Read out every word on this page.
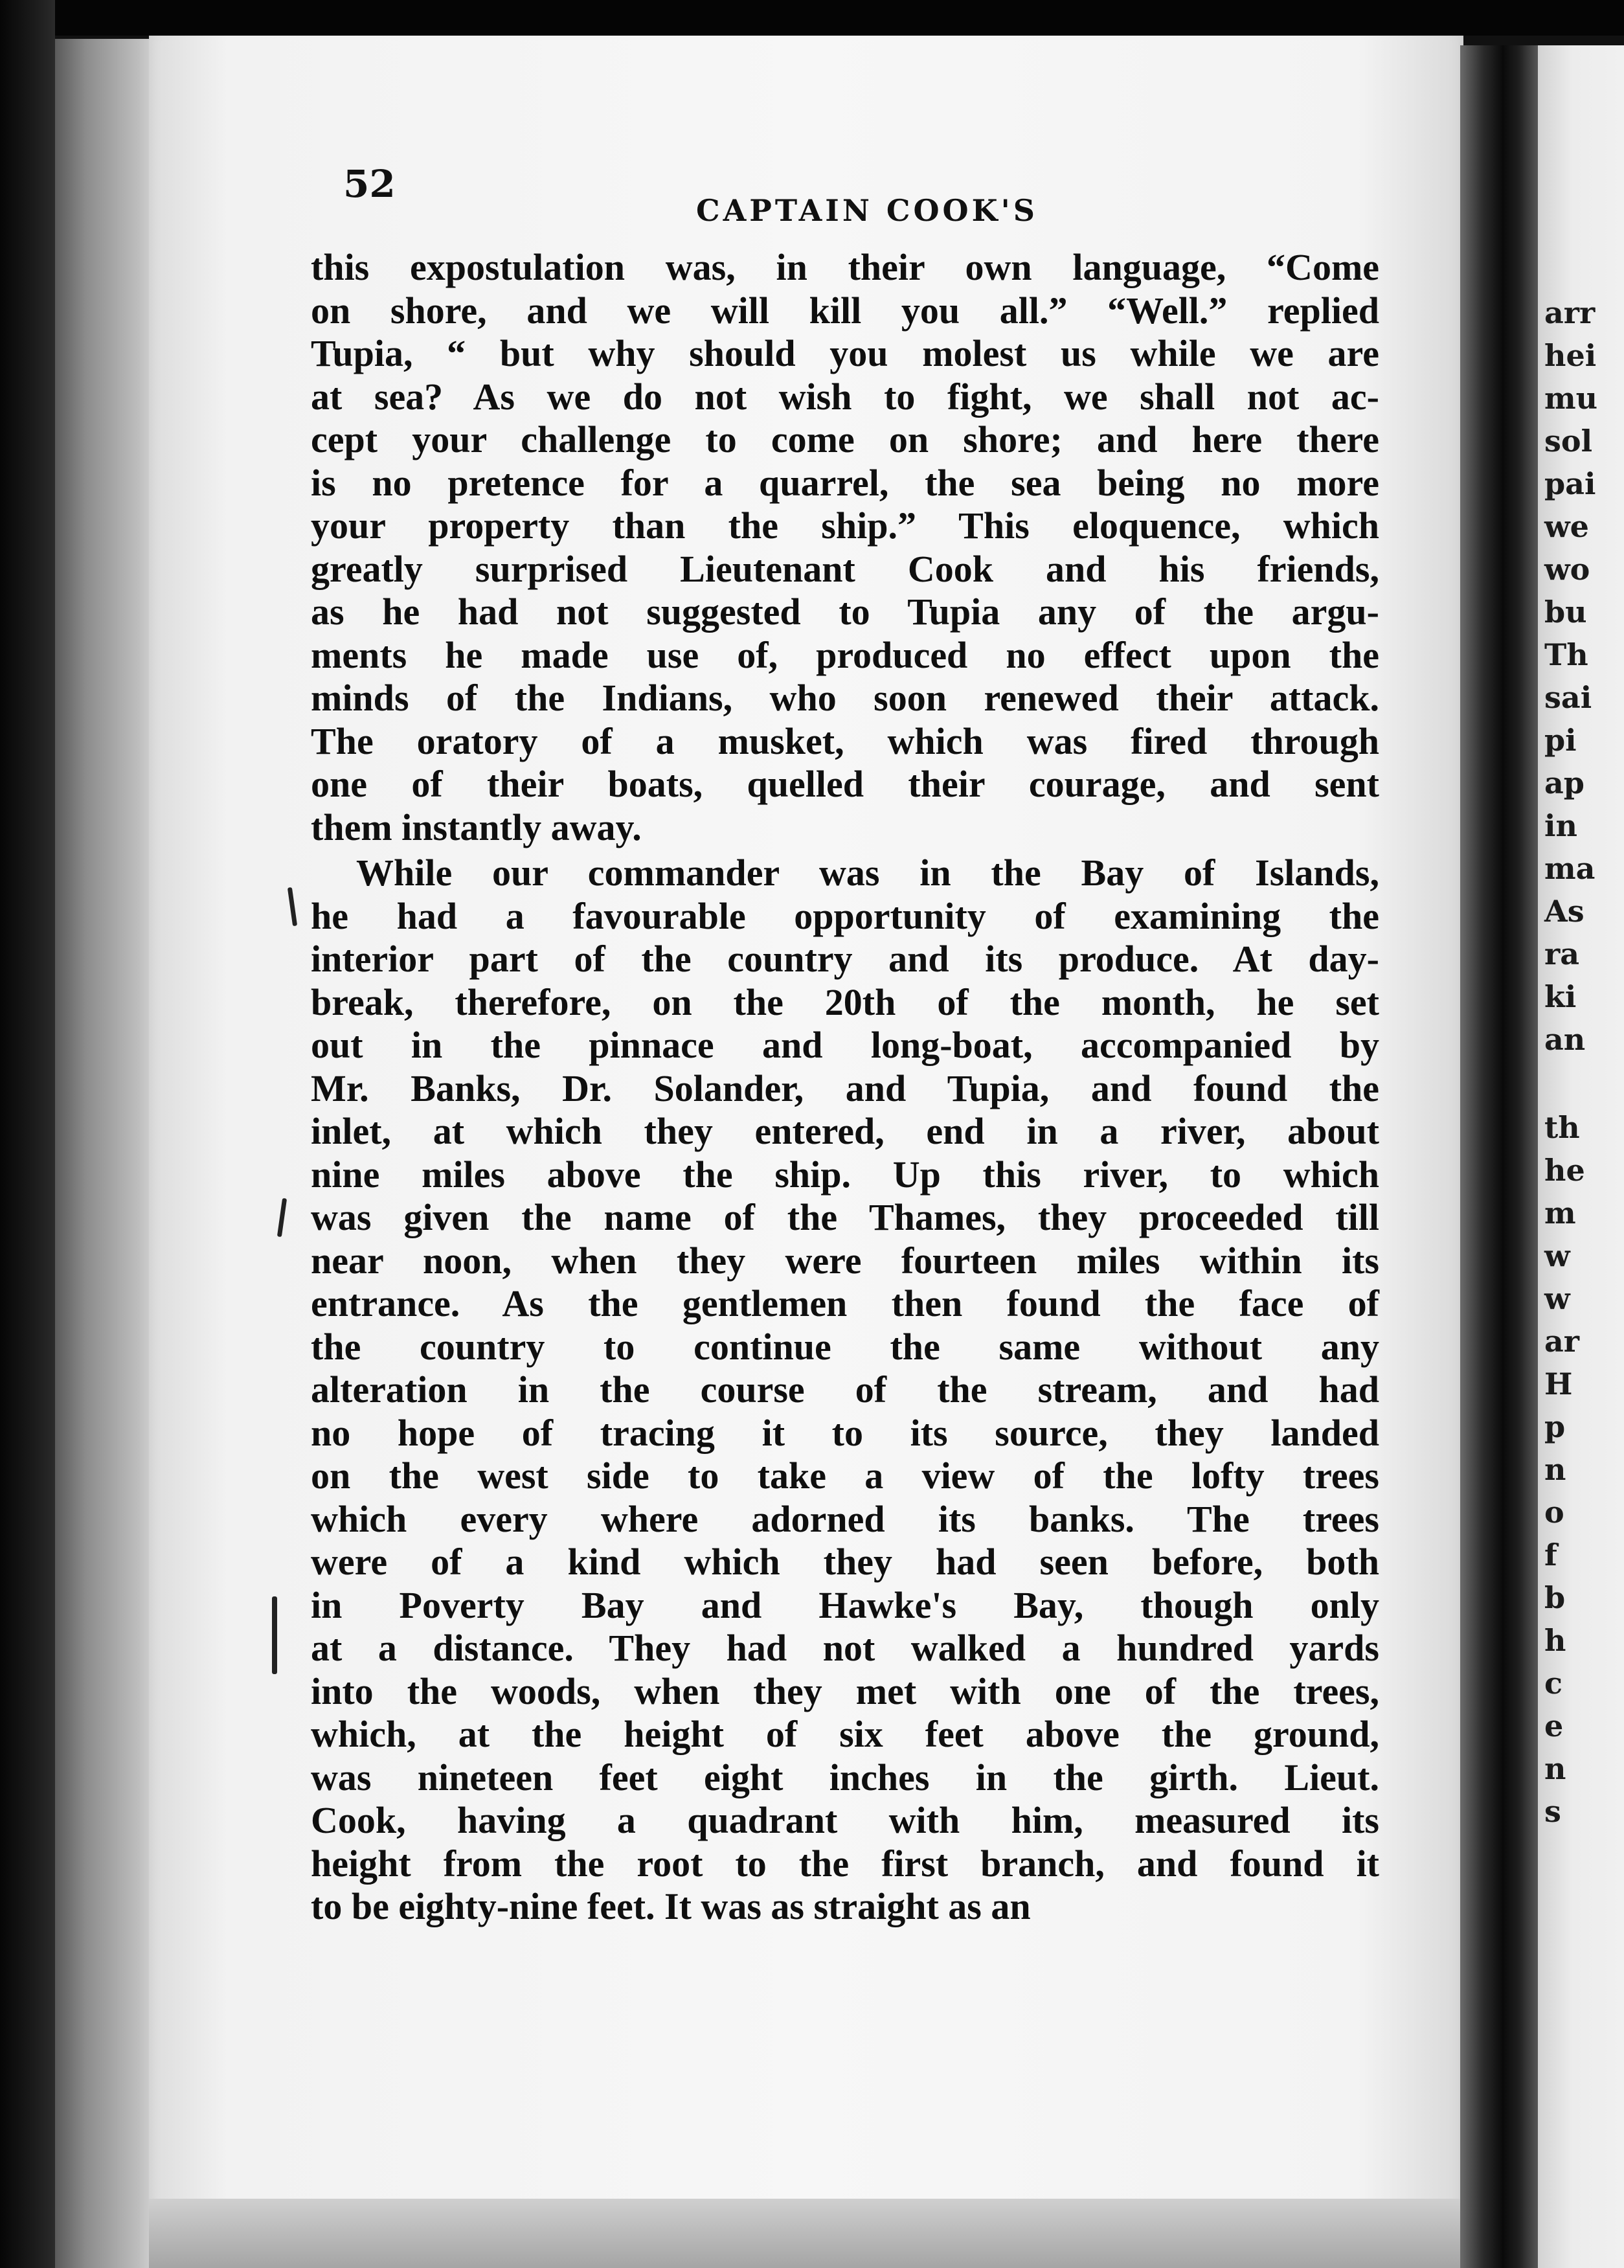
52
CAPTAIN COOK'S
this expostulation was, in their own language, “Come
on shore, and we will kill you all.” “Well.” replied
Tupia, “ but why should you molest us while we are
at sea? As we do not wish to fight, we shall not ac-
cept your challenge to come on shore; and here there
is no pretence for a quarrel, the sea being no more
your property than the ship.” This eloquence, which
greatly surprised Lieutenant Cook and his friends,
as he had not suggested to Tupia any of the argu-
ments he made use of, produced no effect upon the
minds of the Indians, who soon renewed their attack.
The oratory of a musket, which was fired through
one of their boats, quelled their courage, and sent
them instantly away.
While our commander was in the Bay of Islands,
he had a favourable opportunity of examining the
interior part of the country and its produce. At day-
break, therefore, on the 20th of the month, he set
out in the pinnace and long-boat, accompanied by
Mr. Banks, Dr. Solander, and Tupia, and found the
inlet, at which they entered, end in a river, about
nine miles above the ship. Up this river, to which
was given the name of the Thames, they proceeded till
near noon, when they were fourteen miles within its
entrance. As the gentlemen then found the face of
the country to continue the same without any
alteration in the course of the stream, and had
no hope of tracing it to its source, they landed
on the west side to take a view of the lofty trees
which every where adorned its banks. The trees
were of a kind which they had seen before, both
in Poverty Bay and Hawke's Bay, though only
at a distance. They had not walked a hundred yards
into the woods, when they met with one of the trees,
which, at the height of six feet above the ground,
was nineteen feet eight inches in the girth. Lieut.
Cook, having a quadrant with him, measured its
height from the root to the first branch, and found it
to be eighty-nine feet. It was as straight as an
arr
hei
mu
sol
pai
we
wo
bu
Th
sai
pi
ap
in
ma
As
ra
ki
an
th
he
m
w
w
ar
H
p
n
o
f
b
h
c
e
n
s
